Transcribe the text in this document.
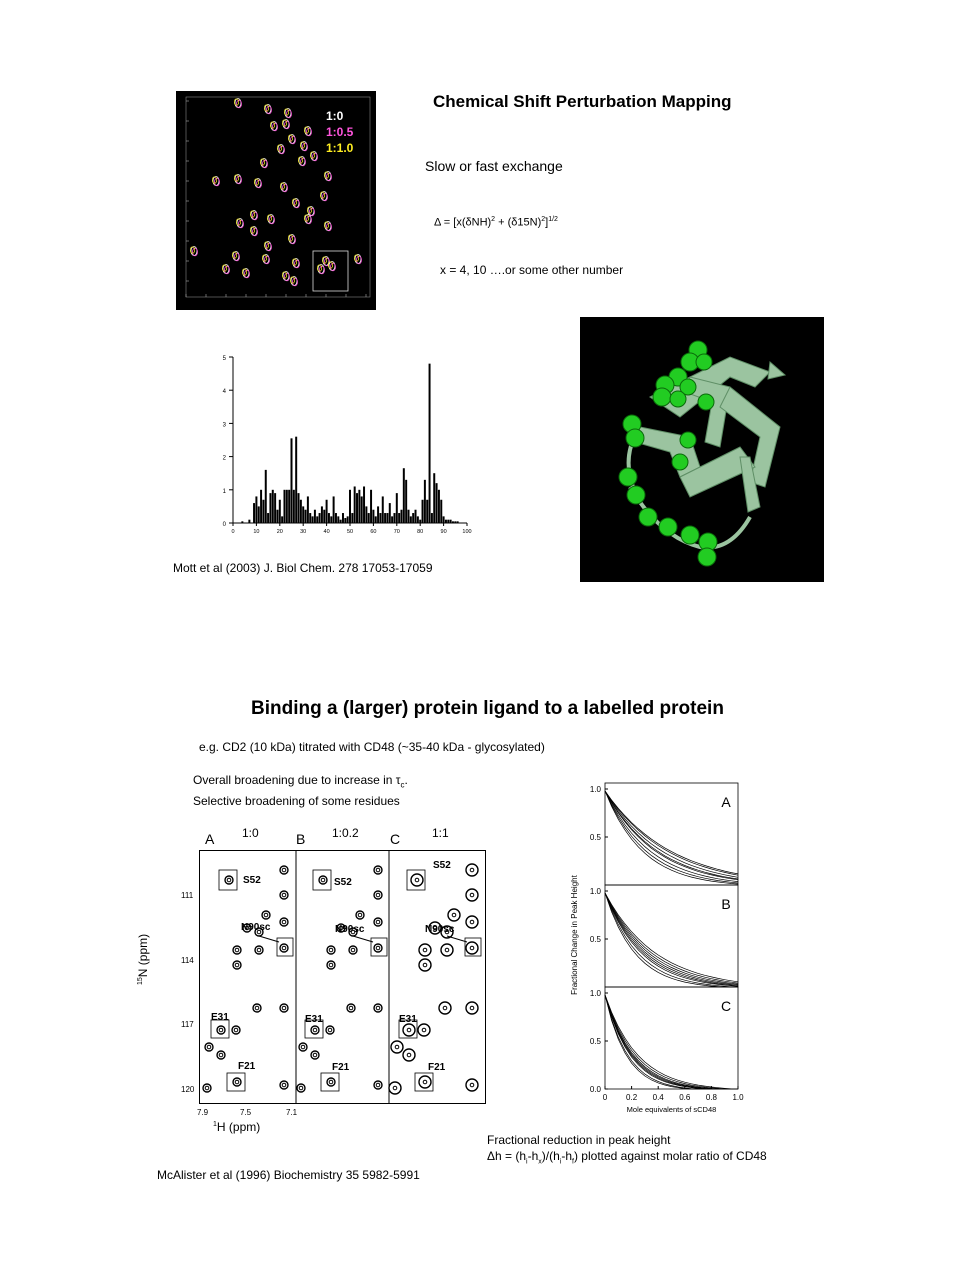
1:0
1:0.5
1:1.0
Chemical Shift Perturbation Mapping
Slow or fast exchange
$\Delta = [x(\delta NH)^2 + (\delta 15N)^2]^{1/2}$
x = 4, 10 ….or some other number
0
1
2
3
4
5
0	10	20	30	40	50	60	70	80	90	100
Mott et al (2003) J. Biol Chem. 278 17053-17059
Binding a (larger) protein ligand to a labelled protein
e.g. CD2 (10 kDa) titrated with CD48 (~35-40 kDa - glycosylated)
Overall broadening due to increase in $\tau_c$.
Selective broadening of some residues
A 1:0	B 1:0.2 C	1:1
S52	S52
S52
N90sc	N90sc	N90sc
E31	E31	E31
F21	F21	F21
111
114
117
120
7.9	7.5	7.1
$^{15}$N (ppm)
$^1$H (ppm)
Fractional Change in Peak Height
1.0
0.5
A
1.0
0.5
B
1.0
0.5
0.0
C
0 0.2 0.4 0.6 0.8 1.0
Mole equivalents of sCD48
Fractional reduction in peak height
$\Delta h = (h_i-h_x)/(h_i-h_f)$ plotted against molar ratio of CD48
McAlister et al (1996) Biochemistry 35 5982-5991
